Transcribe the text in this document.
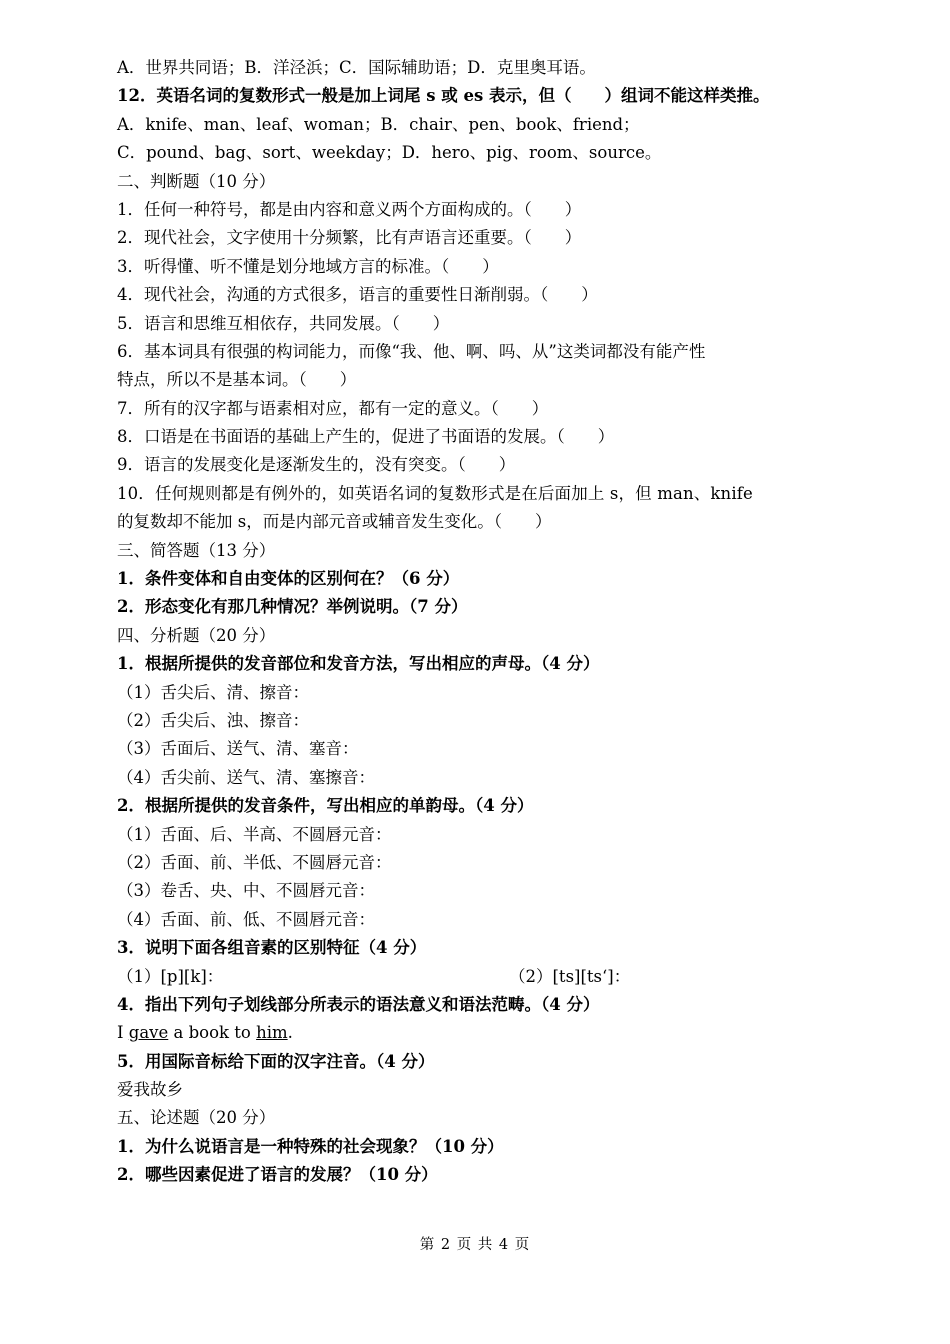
A．世界共同语；B．洋泾浜；C．国际辅助语；D．克里奥耳语。
12．英语名词的复数形式一般是加上词尾 s 或 es 表示，但（　　）组词不能这样类推。
A．knife、man、leaf、woman；B．chair、pen、book、friend；
C．pound、bag、sort、weekday；D．hero、pig、room、source。
二、判断题（10 分）
1．任何一种符号，都是由内容和意义两个方面构成的。（　　）
2．现代社会，文字使用十分频繁，比有声语言还重要。（　　）
3．听得懂、听不懂是划分地域方言的标准。（　　）
4．现代社会，沟通的方式很多，语言的重要性日渐削弱。（　　）
5．语言和思维互相依存，共同发展。（　　）
6．基本词具有很强的构词能力，而像“我、他、啊、吗、从”这类词都没有能产性
特点，所以不是基本词。（　　）
7．所有的汉字都与语素相对应，都有一定的意义。（　　）
8．口语是在书面语的基础上产生的，促进了书面语的发展。（　　）
9．语言的发展变化是逐渐发生的，没有突变。（　　）
10．任何规则都是有例外的，如英语名词的复数形式是在后面加上 s，但 man、knife
的复数却不能加 s，而是内部元音或辅音发生变化。（　　）
三、简答题（13 分）
1．条件变体和自由变体的区别何在？（6 分）
2．形态变化有那几种情况？举例说明。（7 分）
四、分析题（20 分）
1．根据所提供的发音部位和发音方法，写出相应的声母。（4 分）
（1）舌尖后、清、擦音：
（2）舌尖后、浊、擦音：
（3）舌面后、送气、清、塞音：
（4）舌尖前、送气、清、塞擦音：
2．根据所提供的发音条件，写出相应的单韵母。（4 分）
（1）舌面、后、半高、不圆唇元音：
（2）舌面、前、半低、不圆唇元音：
（3）卷舌、央、中、不圆唇元音：
（4）舌面、前、低、不圆唇元音：
3．说明下面各组音素的区别特征（4 分）
（1）[p][k]：	（2）[ts][ts‘]：
4．指出下列句子划线部分所表示的语法意义和语法范畴。（4 分）
I gave a book to him.
5．用国际音标给下面的汉字注音。（4 分）
爱我故乡
五、论述题（20 分）
1．为什么说语言是一种特殊的社会现象？（10 分）
2．哪些因素促进了语言的发展？（10 分）
第 2 页 共 4 页
